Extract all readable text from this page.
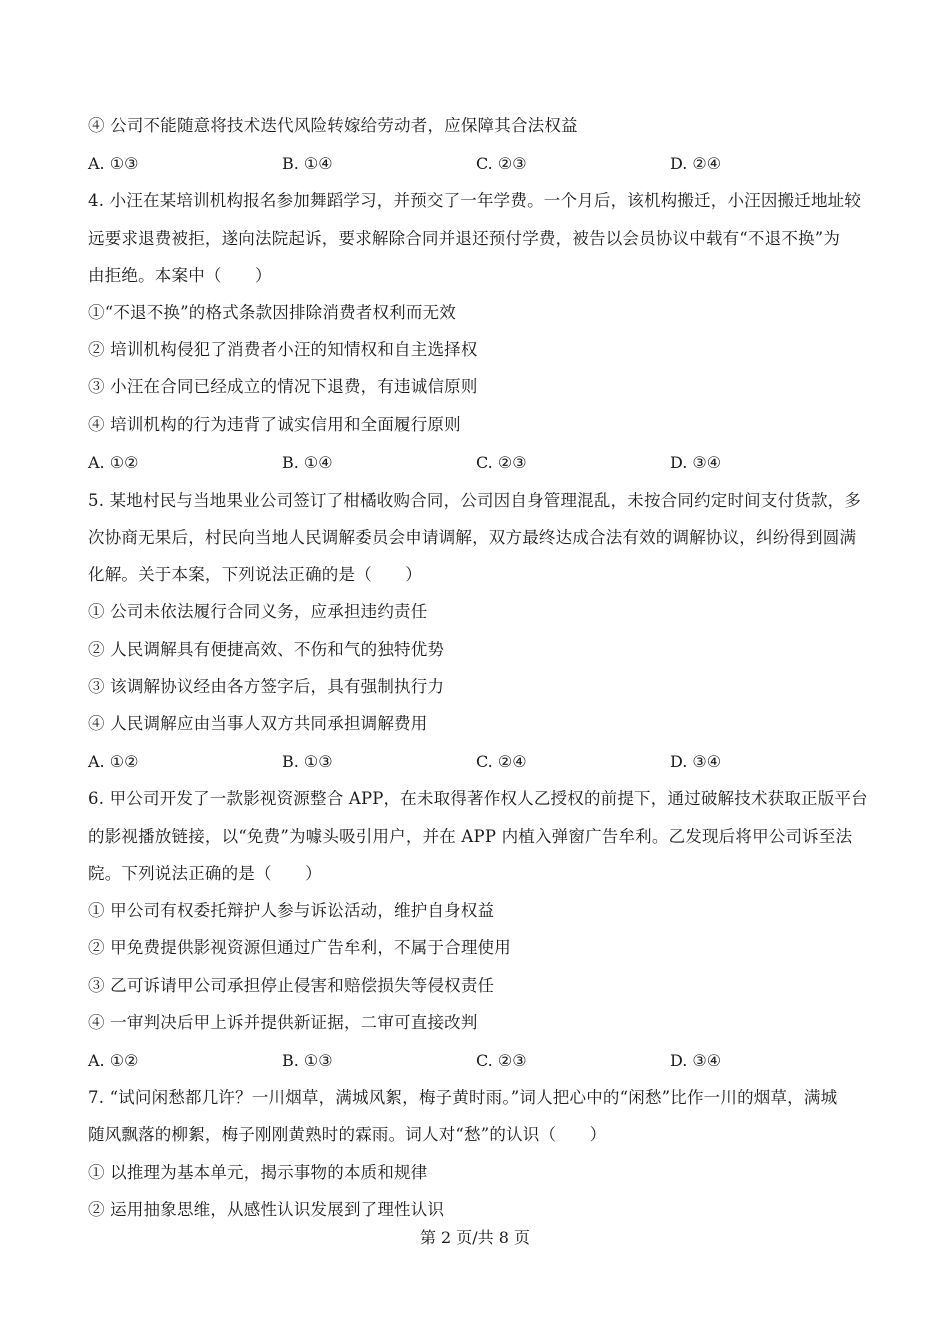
④ 公司不能随意将技术迭代风险转嫁给劳动者，应保障其合法权益
A. ①③	B. ①④	C. ②③	D. ②④
4. 小汪在某培训机构报名参加舞蹈学习，并预交了一年学费。一个月后，该机构搬迁，小汪因搬迁地址较
远要求退费被拒，遂向法院起诉，要求解除合同并退还预付学费，被告以会员协议中载有“不退不换”为
由拒绝。本案中（　　）
①“不退不换”的格式条款因排除消费者权利而无效
② 培训机构侵犯了消费者小汪的知情权和自主选择权
③ 小汪在合同已经成立的情况下退费，有违诚信原则
④ 培训机构的行为违背了诚实信用和全面履行原则
A. ①②	B. ①④	C. ②③	D. ③④
5. 某地村民与当地果业公司签订了柑橘收购合同，公司因自身管理混乱，未按合同约定时间支付货款，多
次协商无果后，村民向当地人民调解委员会申请调解，双方最终达成合法有效的调解协议，纠纷得到圆满
化解。关于本案，下列说法正确的是（　　）
① 公司未依法履行合同义务，应承担违约责任
② 人民调解具有便捷高效、不伤和气的独特优势
③ 该调解协议经由各方签字后，具有强制执行力
④ 人民调解应由当事人双方共同承担调解费用
A. ①②	B. ①③	C. ②④	D. ③④
6. 甲公司开发了一款影视资源整合 APP，在未取得著作权人乙授权的前提下，通过破解技术获取正版平台
的影视播放链接，以“免费”为噱头吸引用户，并在 APP 内植入弹窗广告牟利。乙发现后将甲公司诉至法
院。下列说法正确的是（　　）
① 甲公司有权委托辩护人参与诉讼活动，维护自身权益
② 甲免费提供影视资源但通过广告牟利，不属于合理使用
③ 乙可诉请甲公司承担停止侵害和赔偿损失等侵权责任
④ 一审判决后甲上诉并提供新证据，二审可直接改判
A. ①②	B. ①③	C. ②③	D. ③④
7. “试问闲愁都几许？一川烟草，满城风絮，梅子黄时雨。”词人把心中的“闲愁”比作一川的烟草，满城
随风飘落的柳絮，梅子刚刚黄熟时的霖雨。词人对“愁”的认识（　　）
① 以推理为基本单元，揭示事物的本质和规律
② 运用抽象思维，从感性认识发展到了理性认识
第 2 页/共 8 页
